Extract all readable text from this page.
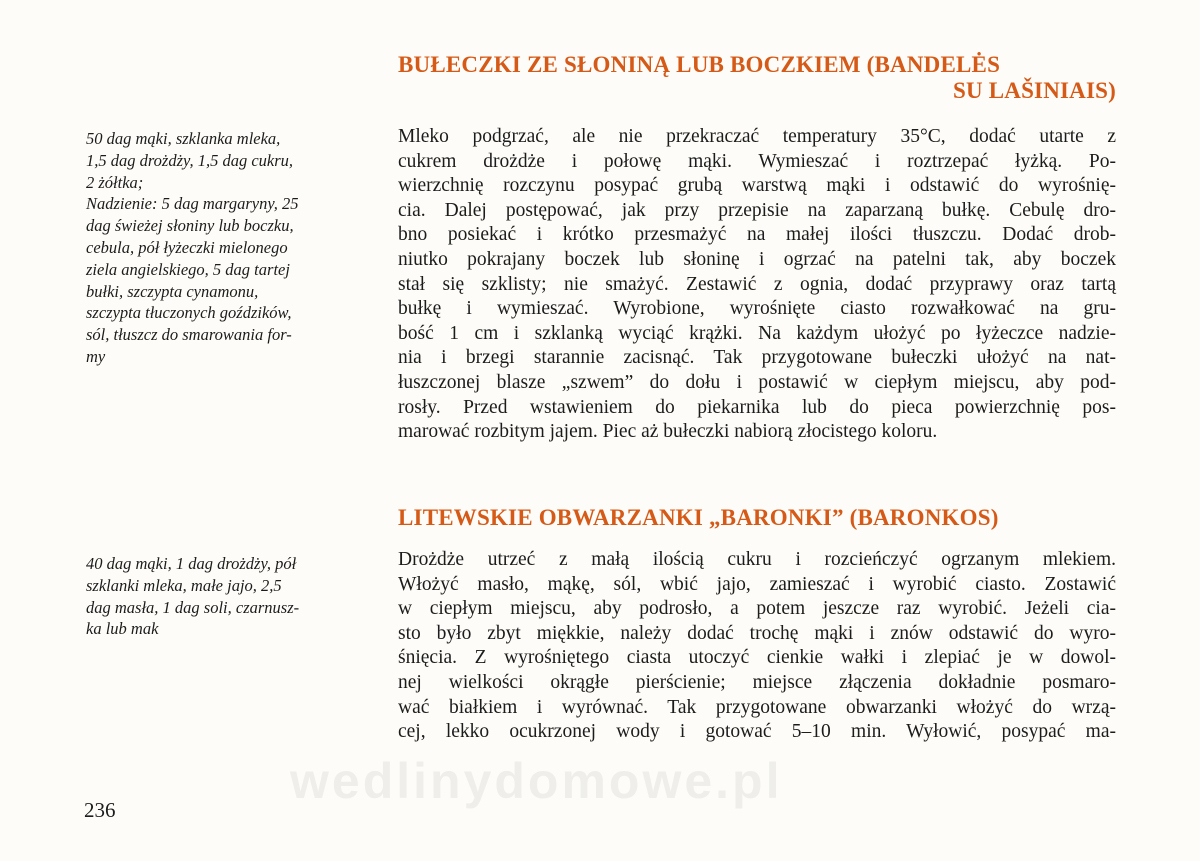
BUŁECZKI ZE SŁONINĄ LUB BOCZKIEM (BANDELĖS
SU LAŠINIAIS)
50 dag mąki, szklanka mleka,
1,5 dag drożdży, 1,5 dag cukru,
2 żółtka;
Nadzienie: 5 dag margaryny, 25
dag świeżej słoniny lub boczku,
cebula, pół łyżeczki mielonego
ziela angielskiego, 5 dag tartej
bułki, szczypta cynamonu,
szczypta tłuczonych goździków,
sól, tłuszcz do smarowania for-
my
Mleko podgrzać, ale nie przekraczać temperatury 35°C, dodać utarte z
cukrem drożdże i połowę mąki. Wymieszać i roztrzepać łyżką. Po-
wierzchnię rozczynu posypać grubą warstwą mąki i odstawić do wyrośnię-
cia. Dalej postępować, jak przy przepisie na zaparzaną bułkę. Cebulę dro-
bno posiekać i krótko przesmażyć na małej ilości tłuszczu. Dodać drob-
niutko pokrajany boczek lub słoninę i ogrzać na patelni tak, aby boczek
stał się szklisty; nie smażyć. Zestawić z ognia, dodać przyprawy oraz tartą
bułkę i wymieszać. Wyrobione, wyrośnięte ciasto rozwałkować na gru-
bość 1 cm i szklanką wyciąć krążki. Na każdym ułożyć po łyżeczce nadzie-
nia i brzegi starannie zacisnąć. Tak przygotowane bułeczki ułożyć na nat-
łuszczonej blasze „szwem” do dołu i postawić w ciepłym miejscu, aby pod-
rosły. Przed wstawieniem do piekarnika lub do pieca powierzchnię pos-
marować rozbitym jajem. Piec aż bułeczki nabiorą złocistego koloru.
LITEWSKIE OBWARZANKI „BARONKI” (BARONKOS)
40 dag mąki, 1 dag drożdży, pół
szklanki mleka, małe jajo, 2,5
dag masła, 1 dag soli, czarnusz-
ka lub mak
Drożdże utrzeć z małą ilością cukru i rozcieńczyć ogrzanym mlekiem.
Włożyć masło, mąkę, sól, wbić jajo, zamieszać i wyrobić ciasto. Zostawić
w ciepłym miejscu, aby podrosło, a potem jeszcze raz wyrobić. Jeżeli cia-
sto było zbyt miękkie, należy dodać trochę mąki i znów odstawić do wyro-
śnięcia. Z wyrośniętego ciasta utoczyć cienkie wałki i zlepiać je w dowol-
nej wielkości okrągłe pierścienie; miejsce złączenia dokładnie posmaro-
wać białkiem i wyrównać. Tak przygotowane obwarzanki włożyć do wrzą-
cej, lekko ocukrzonej wody i gotować 5–10 min. Wyłowić, posypać ma-
wedlinydomowe.pl
236
